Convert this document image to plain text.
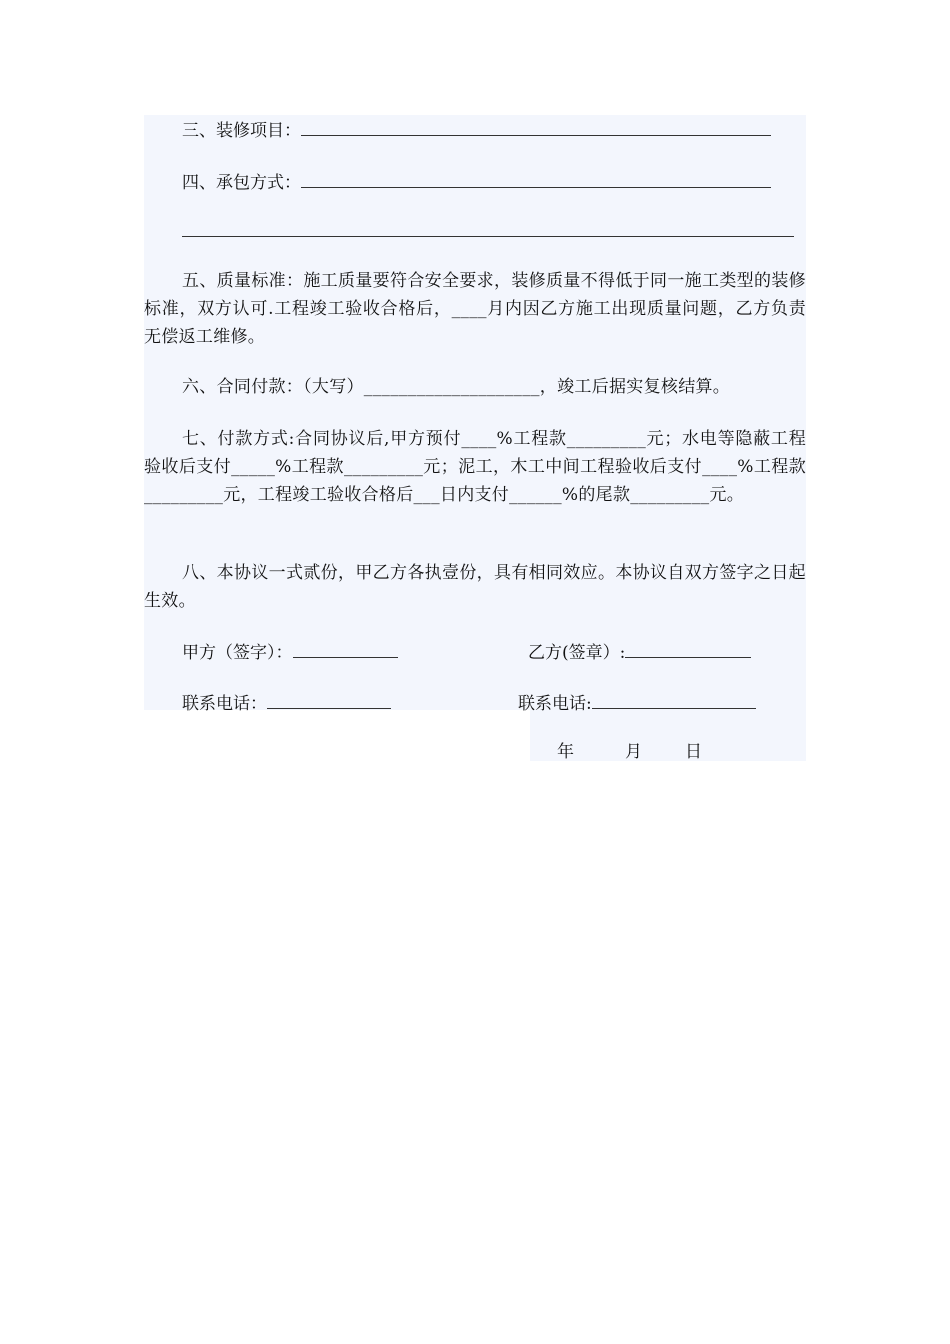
三、装修项目：
四、承包方式：
五、质量标准：施工质量要符合安全要求，装修质量不得低于同一施工类型的装修标准，双方认可.工程竣工验收合格后，____月内因乙方施工出现质量问题，乙方负责无偿返工维修。
六、合同付款：（大写）____________________，竣工后据实复核结算。
七、付款方式:合同协议后,甲方预付____%工程款_________元；水电等隐蔽工程验收后支付_____%工程款_________元；泥工，木工中间工程验收后支付____%工程款_________元，工程竣工验收合格后___日内支付______%的尾款_________元。
八、本协议一式贰份，甲乙方各执壹份，具有相同效应。本协议自双方签字之日起生效。
甲方（签字）：	乙方(签章）:
联系电话：	联系电话:
年	月	日
